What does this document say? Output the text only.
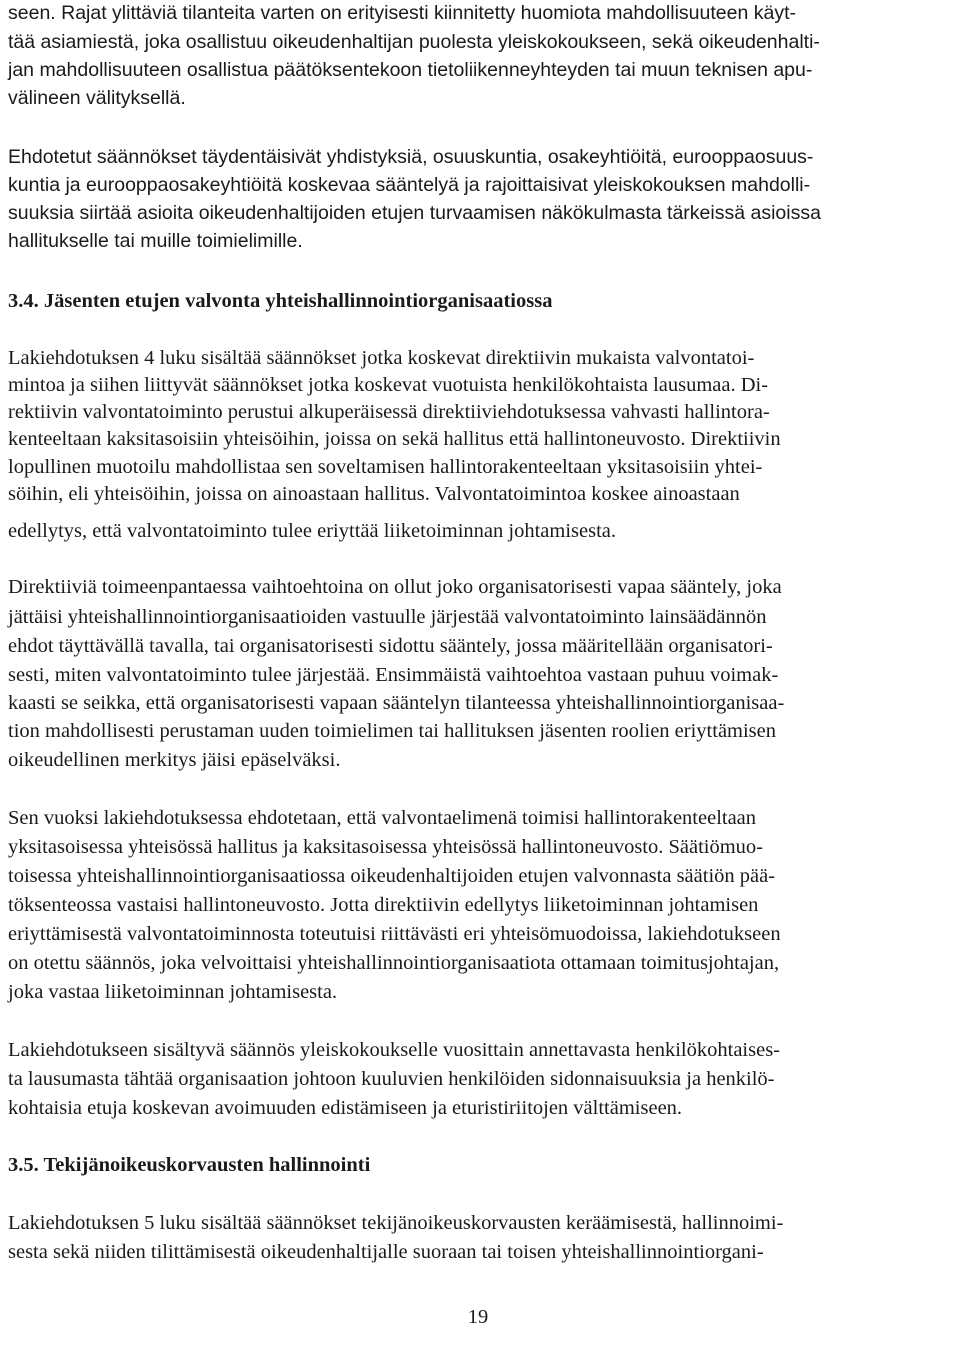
seen. Rajat ylittäviä tilanteita varten on erityisesti kiinnitetty huomiota mahdollisuuteen käyt-
tää asiamiestä, joka osallistuu oikeudenhaltijan puolesta yleiskokoukseen, sekä oikeudenhalti-
jan mahdollisuuteen osallistua päätöksentekoon tietoliikenneyhteyden tai muun teknisen apu-
välineen välityksellä.
Ehdotetut säännökset täydentäisivät yhdistyksiä, osuuskuntia, osakeyhtiöitä, eurooppaosuus-
kuntia ja eurooppaosakeyhtiöitä koskevaa sääntelyä ja rajoittaisivat yleiskokouksen mahdolli-
suuksia siirtää asioita oikeudenhaltijoiden etujen turvaamisen näkökulmasta tärkeissä asioissa
hallitukselle tai muille toimielimille.
3.4. Jäsenten etujen valvonta yhteishallinnointiorganisaatiossa
Lakiehdotuksen 4 luku sisältää säännökset jotka koskevat direktiivin mukaista valvontatoi-
mintoa ja siihen liittyvät säännökset jotka koskevat vuotuista henkilökohtaista lausumaa. Di-
rektiivin valvontatoiminto perustui alkuperäisessä direktiiviehdotuksessa vahvasti hallintora-
kenteeltaan kaksitasoisiin yhteisöihin, joissa on sekä hallitus että hallintoneuvosto. Direktiivin
lopullinen muotoilu mahdollistaa sen soveltamisen hallintorakenteeltaan yksitasoisiin yhtei-
söihin, eli yhteisöihin, joissa on ainoastaan hallitus. Valvontatoimintoa koskee ainoastaan
edellytys, että valvontatoiminto tulee eriyttää liiketoiminnan johtamisesta.
Direktiiviä toimeenpantaessa vaihtoehtoina on ollut joko organisatorisesti vapaa sääntely, joka
jättäisi yhteishallinnointiorganisaatioiden vastuulle järjestää valvontatoiminto lainsäädännön
ehdot täyttävällä tavalla, tai organisatorisesti sidottu sääntely, jossa määritellään organisatori-
sesti, miten valvontatoiminto tulee järjestää. Ensimmäistä vaihtoehtoa vastaan puhuu voimak-
kaasti se seikka, että organisatorisesti vapaan sääntelyn tilanteessa yhteishallinnointiorganisaa-
tion mahdollisesti perustaman uuden toimielimen tai hallituksen jäsenten roolien eriyttämisen
oikeudellinen merkitys jäisi epäselväksi.
Sen vuoksi lakiehdotuksessa ehdotetaan, että valvontaelimenä toimisi hallintorakenteeltaan
yksitasoisessa yhteisössä hallitus ja kaksitasoisessa yhteisössä hallintoneuvosto. Säätiömuo-
toisessa yhteishallinnointiorganisaatiossa oikeudenhaltijoiden etujen valvonnasta säätiön pää-
töksenteossa vastaisi hallintoneuvosto. Jotta direktiivin edellytys liiketoiminnan johtamisen
eriyttämisestä valvontatoiminnosta toteutuisi riittävästi eri yhteisömuodoissa, lakiehdotukseen
on otettu säännös, joka velvoittaisi yhteishallinnointiorganisaatiota ottamaan toimitusjohtajan,
joka vastaa liiketoiminnan johtamisesta.
Lakiehdotukseen sisältyvä säännös yleiskokoukselle vuosittain annettavasta henkilökohtaises-
ta lausumasta tähtää organisaation johtoon kuuluvien henkilöiden sidonnaisuuksia ja henkilö-
kohtaisia etuja koskevan avoimuuden edistämiseen ja eturistiriitojen välttämiseen.
3.5. Tekijänoikeuskorvausten hallinnointi
Lakiehdotuksen 5 luku sisältää säännökset tekijänoikeuskorvausten keräämisestä, hallinnoimi-
sesta sekä niiden tilittämisestä oikeudenhaltijalle suoraan tai toisen yhteishallinnointiorgani-
19
